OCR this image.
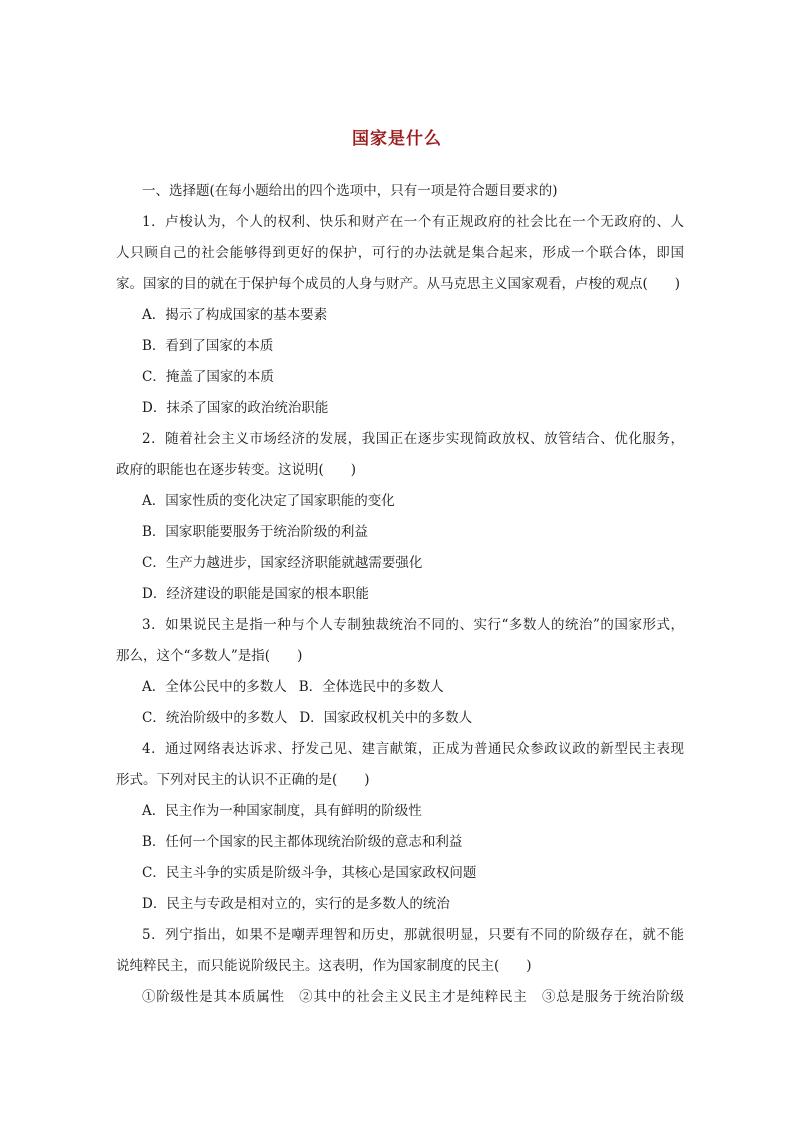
国家是什么
一、选择题(在每小题给出的四个选项中，只有一项是符合题目要求的)
1．卢梭认为，个人的权利、快乐和财产在一个有正规政府的社会比在一个无政府的、人
人只顾自己的社会能够得到更好的保护，可行的办法就是集合起来，形成一个联合体，即国
家。国家的目的就在于保护每个成员的人身与财产。从马克思主义国家观看，卢梭的观点(　　)
A．揭示了构成国家的基本要素
B．看到了国家的本质
C．掩盖了国家的本质
D．抹杀了国家的政治统治职能
2．随着社会主义市场经济的发展，我国正在逐步实现简政放权、放管结合、优化服务，
政府的职能也在逐步转变。这说明(　　)
A．国家性质的变化决定了国家职能的变化
B．国家职能要服务于统治阶级的利益
C．生产力越进步，国家经济职能就越需要强化
D．经济建设的职能是国家的根本职能
3．如果说民主是指一种与个人专制独裁统治不同的、实行“多数人的统治”的国家形式，
那么，这个“多数人”是指(　　)
A．全体公民中的多数人 B．全体选民中的多数人
C．统治阶级中的多数人 D．国家政权机关中的多数人
4．通过网络表达诉求、抒发己见、建言献策，正成为普通民众参政议政的新型民主表现
形式。下列对民主的认识不正确的是(　　)
A．民主作为一种国家制度，具有鲜明的阶级性
B．任何一个国家的民主都体现统治阶级的意志和利益
C．民主斗争的实质是阶级斗争，其核心是国家政权问题
D．民主与专政是相对立的，实行的是多数人的统治
5．列宁指出，如果不是嘲弄理智和历史，那就很明显，只要有不同的阶级存在，就不能
说纯粹民主，而只能说阶级民主。这表明，作为国家制度的民主(　　)
①阶级性是其本质属性　②其中的社会主义民主才是纯粹民主　③总是服务于统治阶级
